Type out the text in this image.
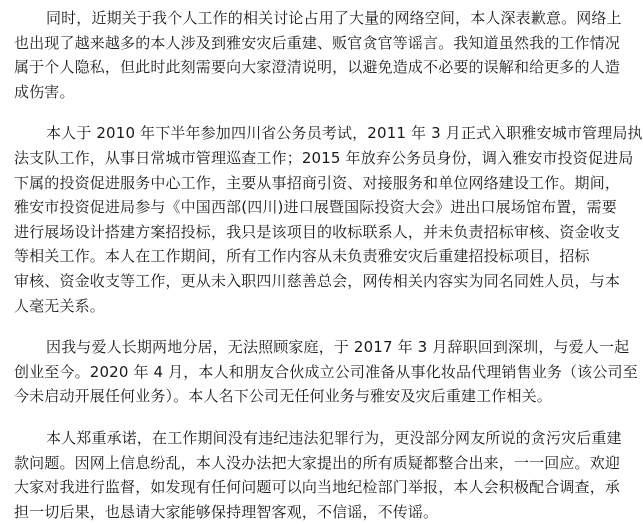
同时，近期关于我个人工作的相关讨论占用了大量的网络空间，本人深表歉意。网络上
也出现了越来越多的本人涉及到雅安灾后重建、贩官贪官等谣言。我知道虽然我的工作情况
属于个人隐私，但此时此刻需要向大家澄清说明，以避免造成不必要的误解和给更多的人造
成伤害。
本人于 2010 年下半年参加四川省公务员考试，2011 年 3 月正式入职雅安城市管理局执
法支队工作，从事日常城市管理巡查工作；2015 年放弃公务员身份，调入雅安市投资促进局
下属的投资促进服务中心工作，主要从事招商引资、对接服务和单位网络建设工作。期间，
雅安市投资促进局参与《中国西部(四川)进口展暨国际投资大会》进出口展场馆布置，需要
进行展场设计搭建方案招投标，我只是该项目的收标联系人，并未负责招标审核、资金收支
等相关工作。本人在工作期间，所有工作内容从未负责雅安灾后重建招投标项目，招标
审核、资金收支等工作，更从未入职四川慈善总会，网传相关内容实为同名同姓人员，与本
人毫无关系。
因我与爱人长期两地分居，无法照顾家庭，于 2017 年 3 月辞职回到深圳，与爱人一起
创业至今。2020 年 4 月，本人和朋友合伙成立公司准备从事化妆品代理销售业务（该公司至
今未启动开展任何业务）。本人名下公司无任何业务与雅安及灾后重建工作相关。
本人郑重承诺，在工作期间没有违纪违法犯罪行为，更没部分网友所说的贪污灾后重建
款问题。因网上信息纷乱，本人没办法把大家提出的所有质疑都整合出来，一一回应。欢迎
大家对我进行监督，如发现有任何问题可以向当地纪检部门举报，本人会积极配合调查，承
担一切后果，也恳请大家能够保持理智客观，不信谣，不传谣。
